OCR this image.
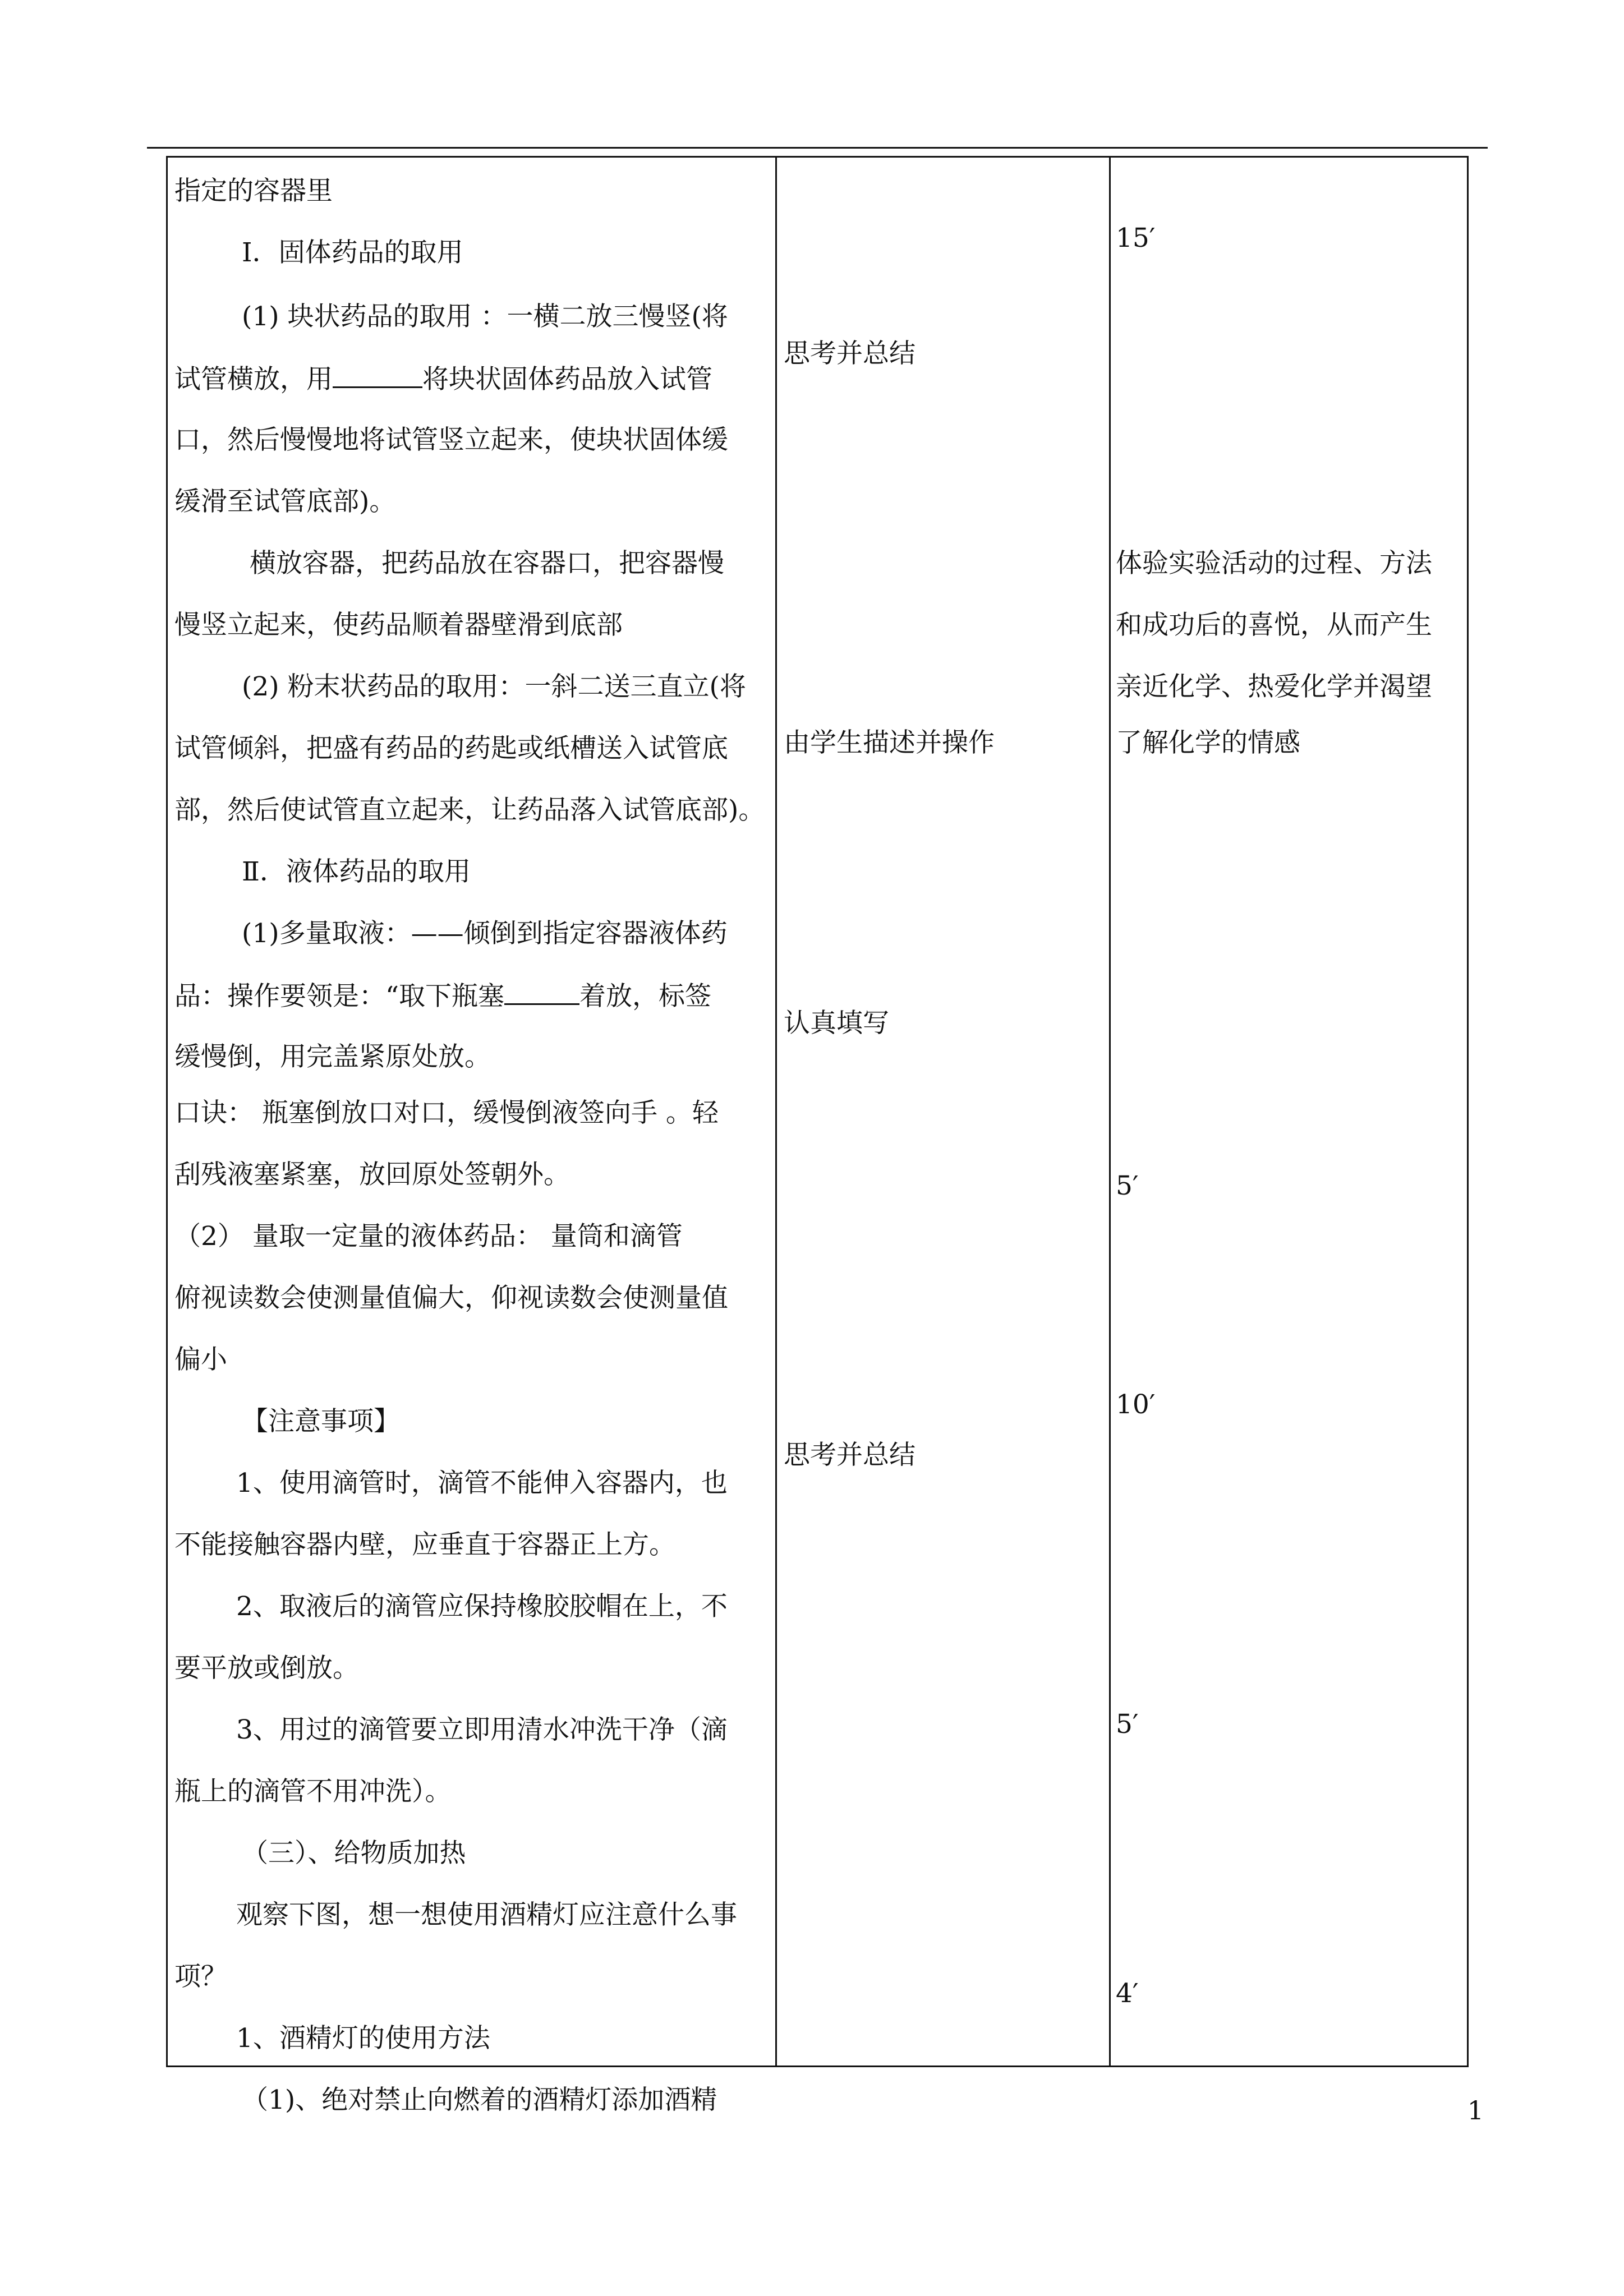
指定的容器里
Ⅰ．固体药品的取用
(1) 块状药品的取用 ：一横二放三慢竖(将
试管横放，用	将块状固体药品放入试管
口，然后慢慢地将试管竖立起来，使块状固体缓
缓滑至试管底部)。
横放容器，把药品放在容器口，把容器慢
慢竖立起来，使药品顺着器壁滑到底部
(2) 粉末状药品的取用：一斜二送三直立(将
试管倾斜，把盛有药品的药匙或纸槽送入试管底
部，然后使试管直立起来，让药品落入试管底部)。
Ⅱ．液体药品的取用
(1)多量取液：——倾倒到指定容器液体药
品：操作要领是：“取下瓶塞	着放，标签
缓慢倒，用完盖紧原处放。
口诀： 瓶塞倒放口对口，缓慢倒液签向手 。轻
刮残液塞紧塞，放回原处签朝外。
（2） 量取一定量的液体药品： 量筒和滴管
俯视读数会使测量值偏大，仰视读数会使测量值
偏小
【注意事项】
1、使用滴管时，滴管不能伸入容器内，也
不能接触容器内壁，应垂直于容器正上方。
2、取液后的滴管应保持橡胶胶帽在上，不
要平放或倒放。
3、用过的滴管要立即用清水冲洗干净（滴
瓶上的滴管不用冲洗）。
（三）、给物质加热
观察下图，想一想使用酒精灯应注意什么事
项？
1、酒精灯的使用方法
（1)、绝对禁止向燃着的酒精灯添加酒精
思考并总结
由学生描述并操作
认真填写
思考并总结
15′
体验实验活动的过程、方法
和成功后的喜悦，从而产生
亲近化学、热爱化学并渴望
了解化学的情感
5′
10′
5′
4′
1
